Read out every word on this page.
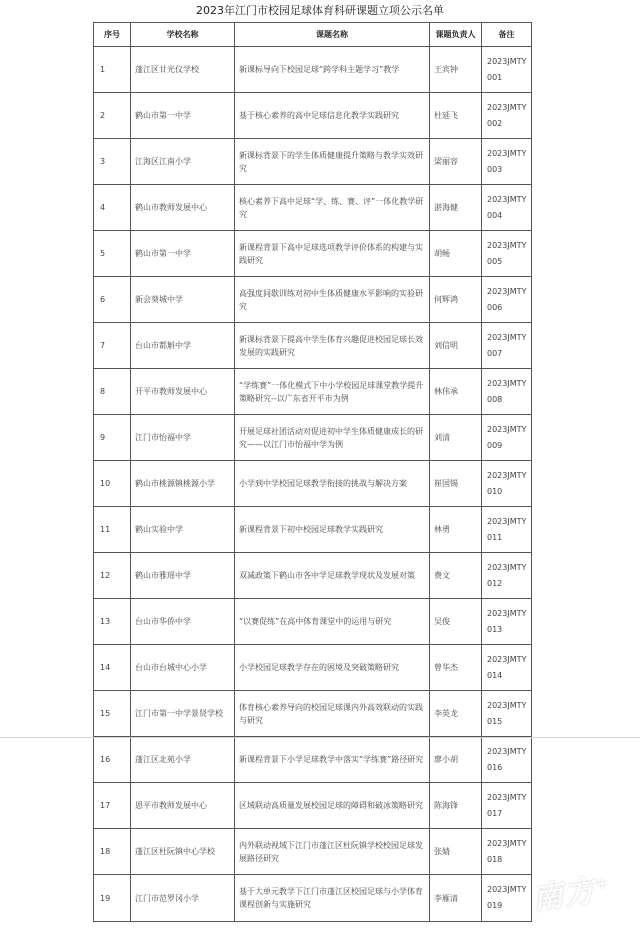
2023年江门市校园足球体育科研课题立项公示名单
序号	学校名称	课题名称	课题负责人	备注
1	蓬江区甘光仪学校	新课标导向下校园足球“跨学科主题学习”教学	王宾钟	2023JMTY001
2	鹤山市第一中学	基于核心素养的高中足球信息化教学实践研究	杜延飞	2023JMTY002
3	江海区江南小学	新课标背景下的学生体质健康提升策略与教学实效研究	梁丽容	2023JMTY003
4	鹤山市教师发展中心	核心素养下高中足球“学、练、赛、评”一体化教学研究	湛海健	2023JMTY004
5	鹤山市第一中学	新课程背景下高中足球选项教学评价体系的构建与实践研究	胡畅	2023JMTY005
6	新会葵城中学	高强度间歇训练对初中生体质健康水平影响的实验研究	何辉鸿	2023JMTY006
7	台山市都斛中学	新课标背景下提高中学生体育兴趣促进校园足球长效发展的实践研究	刘信明	2023JMTY007
8	开平市教师发展中心	“学练赛”一体化模式下中小学校园足球课堂教学提升策略研究--以广东省开平市为例	林伟承	2023JMTY008
9	江门市怡福中学	开展足球社团活动对促进初中学生体质健康成长的研究——以江门市怡福中学为例	刘清	2023JMTY009
10	鹤山市桃源镇桃源小学	小学到中学校园足球教学衔接的挑战与解决方案	崔国锡	2023JMTY010
11	鹤山实验中学	新课程背景下初中校园足球教学实践研究	林勇	2023JMTY011
12	鹤山市雅瑶中学	双减政策下鹤山市各中学足球教学现状及发展对策	费文	2023JMTY012
13	台山市华侨中学	“以赛促练”在高中体育课堂中的运用与研究	吴俊	2023JMTY013
14	台山市台城中心小学	小学校园足球教学存在的困境及突破策略研究	曾华杰	2023JMTY014
15	江门市第一中学景贤学校	体育核心素养导向的校园足球课内外高效联动的实践与研究	李英龙	2023JMTY015
16	蓬江区北苑小学	新课程背景下小学足球教学中落实“学练赛”路径研究	廖小胡	2023JMTY016
17	恩平市教师发展中心	区域联动高质量发展校园足球的障碍和破冰策略研究	陈海锋	2023JMTY017
18	蓬江区杜阮镇中心学校	内外联动视域下江门市蓬江区杜阮镇学校校园足球发展路径研究	张婧	2023JMTY018
19	江门市范罗冈小学	基于大单元教学下江门市蓬江区校园足球与小学体育课程创新与实施研究	李雁清	2023JMTY019 南方+
